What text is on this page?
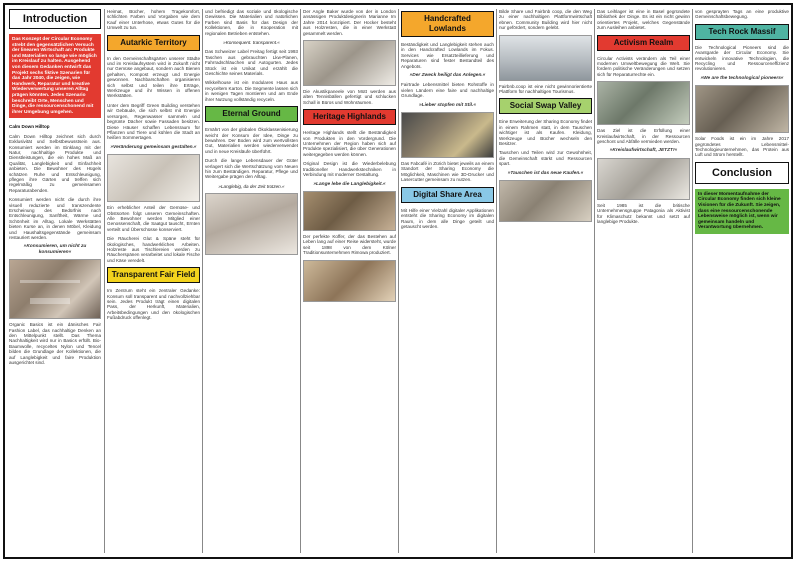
Introduction
Das Konzept der Circular Economy strebt den gegensätzlichen Versuch der linearen Wirtschaft an: Produkte und Materialien so lange wie möglich im Kreislauf zu halten. Ausgehend von diesem Gedanken entwirft das Projekt sechs fiktive Szenarien für das Jahr 2040, die zeigen, wie Handwerk, Reparatur und kreative Wiederverwertung unseren Alltag prägen könnten. Jedes Szenario beschreibt Orte, Menschen und Dinge, die ressourcenschonend mit ihrer Umgebung umgehen.

Calm Down Hilltop

Calm Down Hilltop zeichnet sich durch Exklusivität und Selbstbewusstsein aus. Konsumiert werden im Einklang mit der Natur, nachhaltige Produkte und Dienstleistungen, die ein hohes Maß an Qualität, Langlebigkeit und Einfachheit anbieten. Die Bewohner des Hügels schätzen Ruhe und Entschleunigung, pflegen ihre Gärten und treffen sich regelmäßig zu gemeinsamen Reparaturabenden.

Konsumiert werden nicht die durch ihre visuell reduzierte und transzendente Erscheinung des Bedürfnis nach Entschleunigung, Sanftheit, Wärme und Schönheit im Alltag. Lokale Werkstätten bieten Kurse an, in denen Möbel, Kleidung und Haushaltsgegenstände gemeinsam restauriert werden.

»Konsumieren, um nicht zu konsumieren«

Organic Basics ist ein dänisches Fair Fashion Label, das nachhaltige Denken an den Mittelpunkt stellt. Das Thema Nachhaltigkeit wird nur in Basics erfüllt. Bio-Baumwolle, recyceltes Nylon und Tencel bilden die Grundlage der Kollektionen, die auf Langlebigkeit und faire Produktion ausgerichtet sind.

Heimat, Bücher, hohem Tragekomfort, schlichten Farben und Vorgaben wie dem Kauf einer Unterhose, etwas Gutes für die Umwelt zu tun.

Autarkic Territory

In den Gemeinschaftsgärten unserer Städte und im Kreislaufsystem wird in Zukunft nicht nur Gemüse angebaut, sondern auch Bienen gehalten, Kompost erzeugt und Energie gewonnen. Nachbarschaften organisieren sich selbst und teilen ihre Erträge, Werkzeuge und ihr Wissen in offenen Werkstätten.

Unter dem Begriff Green Building verstehen wir Gebäude, die sich selbst mit Energie versorgen, Regenwasser sammeln und begrünte Dächer sowie Fassaden besitzen. Diese Häuser schaffen Lebensraum für Pflanzen und Tiere und kühlen die Stadt an heißen Sommertagen.

»Veränderung gemeinsam gestalten.«

Ein erheblicher Anteil der Gemüse- und Obstsorten folgt unseren Gemeinschaften. Alle Bewohner werden Mitglied einer Genossenschaft, die Saatgut tauscht, Ernten verteilt und Überschüsse konserviert.

Die Räucherei Glut & Späne steht für ökologisches, handwerkliches Arbeiten. Holzreste aus Tischlereien werden zu Räucherspänen verarbeitet und lokale Fische und Käse veredelt.

Transparent Fair Field

Im Zentrum steht ein zentraler Gedanke: Konsum soll transparent und nachvollziehbar sein. Jedes Produkt trägt einen digitalen Pass, der Herkunft, Materialien, Arbeitsbedingungen und den ökologischen Fußabdruck offenlegt.

und befriedigt das soziale und ökologische Gewissen. Die Materialien und natürlichen Farben sind Basis für das Design der Kollektionen, die in Kooperation mit regionalen Betrieben entstehen.

»Konsequent. transparent.«

Das Schweizer Label Freitag fertigt seit 1993 Taschen aus gebrauchten Lkw-Planen, Fahrradschläuchen und Autogurten. Jedes Stück ist ein Unikat und erzählt die Geschichte seines Materials.

Wikkelhouse ist ein modulares Haus aus recyceltem Karton. Die Segmente lassen sich in wenigen Tagen montieren und am Ende ihrer Nutzung vollständig recyceln.

Eternal Ground

Ernährt von der globalen Ökoklassenisierung weicht der Konsum der Idee, Dinge zu bewahren. Der Boden wird zum wertvollsten Gut, Materialien werden wiederverwendet und in neue Kreisläufe überführt.

Durch die lange Lebensdauer der Güter verlagert sich die Wertschätzung vom Neuen hin zum Beständigen. Reparatur, Pflege und Weitergabe prägen den Alltag.

»Langlebig, da der Zeit trotzen.«

Der Angle Baker wurde von der in London ansässigen Produktdesignerin Marianne Im Jahre 2014 konzipiert. Der Hocker besteht aus Holzresten, die in einer Werkstatt gesammelt werden.

Die Akustikpaneele von Mütt werden aus alten Tennisbällen gefertigt und schlucken Schall in Büros und Wohnräumen.

Heritage Highlands

Heritage Highlands stellt die Beständigkeit von Produkten in den Vordergrund. Die Unternehmen der Region haben sich auf Produkte spezialisiert, die über Generationen weitergegeben werden können.

Original Design ist die Wiederbelebung traditioneller Handwerkstechniken in Verbindung mit moderner Gestaltung.

»Lange lebe die Langlebigkeit.«

Der perfekte Koffer, der das Bestehen auf Leben lang auf einer Reise widersteht, wurde seit 1898 von dem Kölner Traditionsunternehmen Rimowa produziert.

Handcrafted Lowlands

Beständigkeit und Langlebigkeit stehen auch in den Handcrafted Lowlands im Fokus. Services wie Ersatzteillieferung und Reparaturen sind fester Bestandteil des Angebots.

»Der Zweck heiligt das Anlegen.«

Fairtrade Lebensmittel bieten Rohstoffe in vielen Ländern eine faire und nachhaltige Grundlage.

»Lieber stopfen mit Stil.«

Das Fabcafé in Zürich bietet jeweils an einem Standort der Sharing Economy die Möglichkeit, Maschinen wie 3D-Drucker und Lasercutter gemeinsam zu nutzen.

Digital Share Area

Mit Hilfe einer Vielzahl digitaler Applikationen entsteht die Sharing Economy im digitalen Raum, in dem alle Dinge geteilt und getauscht werden.

Bilde Share und Fairbnb coop, die den Weg zu einer nachhaltigen Plattformwirtschaft ebnen. Community Building wird hier nicht nur gefördert, sondern gelebt.

Fairbnb.coop ist eine nicht gewinnorientierte Plattform für nachhaltigen Tourismus.

Social Swap Valley

Eine Erweiterung der Sharing Economy findet in einem Rahmen statt, in dem Tauschen wichtiger ist als Kaufen. Kleidung, Werkzeuge und Bücher wechseln den Besitzer.

Tauschen und Teilen wird zur Gewohnheit, die Gemeinschaft stärkt und Ressourcen spart.

»Tauschen ist das neue Kaufen.«

Das Leihlager ist eine in Basel gegründete Bibliothek der Dinge. Es ist ein nicht gewinn orientiertes Projekt, welches Gegenstände zum Ausleihen anbietet.

Activism Realm

Circular Activists verändern als Teil einer modernen Umweltbewegung die Welt. Sie fordern politische Veränderungen und setzen sich für Reparaturrechte ein.

Das Ziel ist die Erfüllung einer Kreislaufwirtschaft, in der Ressourcen geschont und Abfälle vermieden werden.

»Kreislaufwirtschaft, JETZT!«

Seit 1985 ist die britische Unternehmensgruppe Patagonia als Aktivist für Klimaschutz bekannt und setzt auf langlebige Produkte.

von gesprayten Tags an eine produktive Gemeinschaftsbewegung.

Tech Rock Massif

Die Technological Pioneers sind die Avantgarde der Circular Economy. Sie entwickeln innovative Technologien, die Recycling und Ressourceneffizienz revolutionieren.

»We are the technological pioneers«

Solar Foods ist ein im Jahre 2017 gegründetes Lebensmittel-Technologieunternehmen, das Protein aus Luft und Strom herstellt.

Conclusion
In dieser Momentaufnahme der Circular Economy finden sich kleine Visionen für die Zukunft. Sie zeigen, dass eine ressourcenschonende Lebensweise möglich ist, wenn wir gemeinsam handeln und Verantwortung übernehmen.
